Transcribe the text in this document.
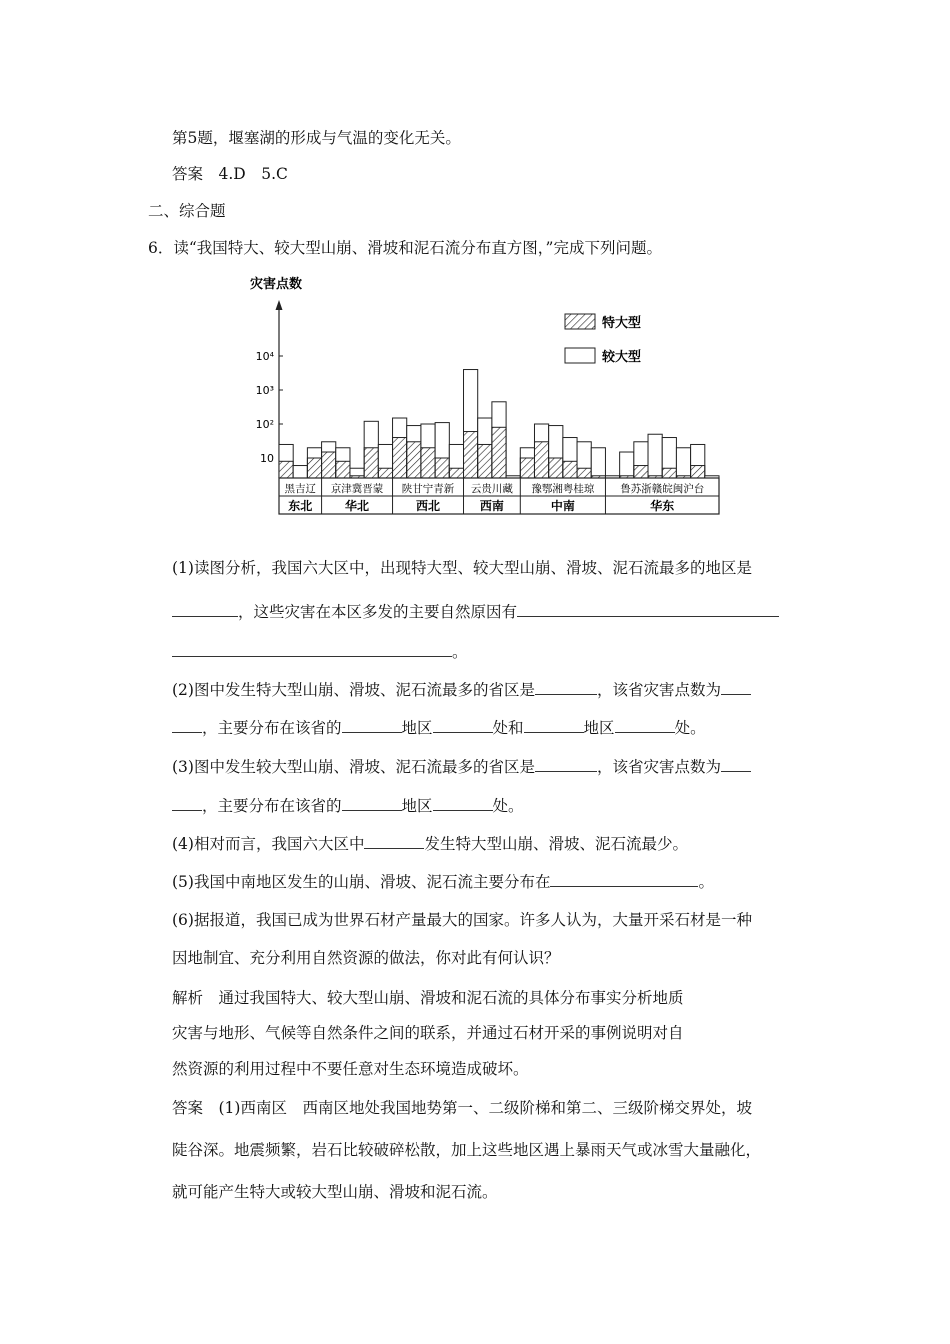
第5题，堰塞湖的形成与气温的变化无关。
答案　4.D　5.C
二、综合题
6．读“我国特大、较大型山崩、滑坡和泥石流分布直方图，”完成下列问题。
灾害点数
10
10²
10³
10⁴
黑吉辽
东北
京津冀晋蒙
华北
陕甘宁青新
西北
云贵川藏
西南
豫鄂湘粤桂琼
中南
鲁苏浙赣皖闽沪台
华东
特大型
较大型
(1)读图分析，我国六大区中，出现特大型、较大型山崩、滑坡、泥石流最多的地区是
，这些灾害在本区多发的主要自然原因有
。
(2)图中发生特大型山崩、滑坡、泥石流最多的省区是	，该省灾害点数为
，主要分布在该省的	地区	处和	地区	处。
(3)图中发生较大型山崩、滑坡、泥石流最多的省区是	，该省灾害点数为
，主要分布在该省的	地区	处。
(4)相对而言，我国六大区中	发生特大型山崩、滑坡、泥石流最少。
(5)我国中南地区发生的山崩、滑坡、泥石流主要分布在	。
(6)据报道，我国已成为世界石材产量最大的国家。许多人认为，大量开采石材是一种
因地制宜、充分利用自然资源的做法，你对此有何认识？
解析　通过我国特大、较大型山崩、滑坡和泥石流的具体分布事实分析地质
灾害与地形、气候等自然条件之间的联系，并通过石材开采的事例说明对自
然资源的利用过程中不要任意对生态环境造成破坏。
答案　(1)西南区　西南区地处我国地势第一、二级阶梯和第二、三级阶梯交界处，坡
陡谷深。地震频繁，岩石比较破碎松散，加上这些地区遇上暴雨天气或冰雪大量融化，
就可能产生特大或较大型山崩、滑坡和泥石流。
